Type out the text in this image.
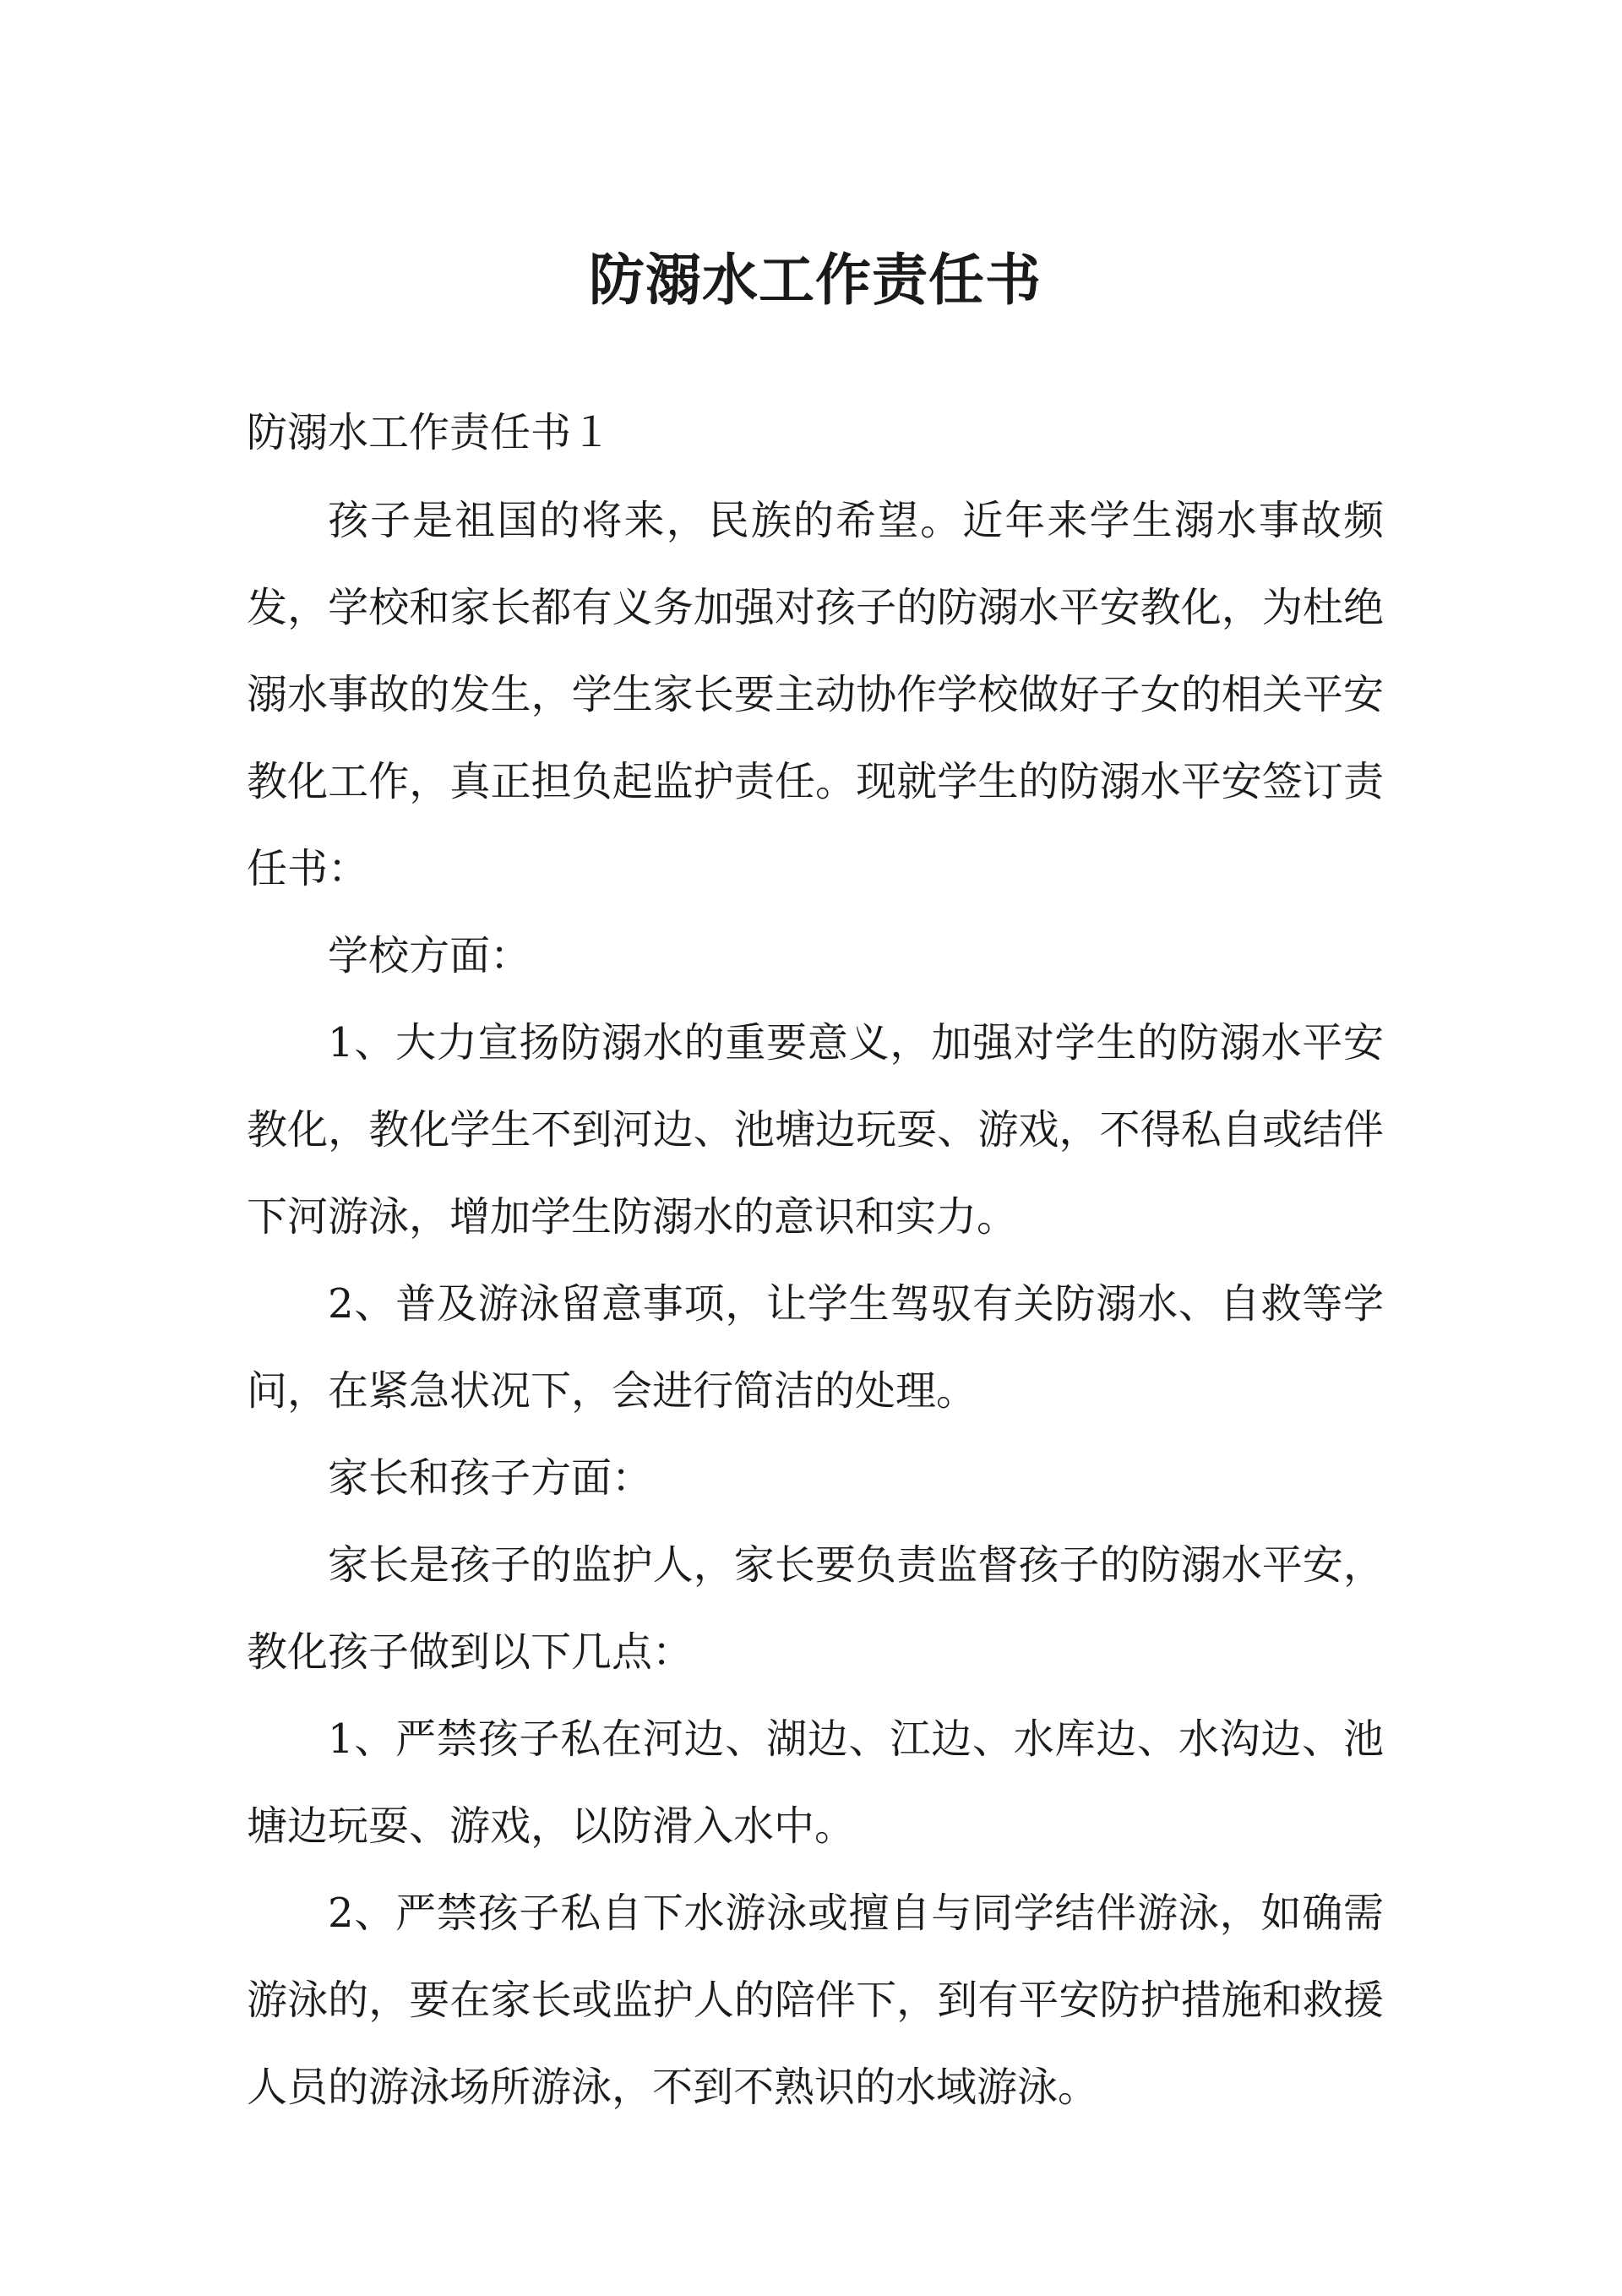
防溺水工作责任书
防溺水工作责任书１

孩子是祖国的将来，民族的希望。近年来学生溺水事故频发，学校和家长都有义务加强对孩子的防溺水平安教化，为杜绝溺水事故的发生，学生家长要主动协作学校做好子女的相关平安教化工作，真正担负起监护责任。现就学生的防溺水平安签订责任书：

学校方面：

1、大力宣扬防溺水的重要意义，加强对学生的防溺水平安教化，教化学生不到河边、池塘边玩耍、游戏，不得私自或结伴下河游泳，增加学生防溺水的意识和实力。

2、普及游泳留意事项，让学生驾驭有关防溺水、自救等学问，在紧急状况下，会进行简洁的处理。

家长和孩子方面：

家长是孩子的监护人，家长要负责监督孩子的防溺水平安，教化孩子做到以下几点：

1、严禁孩子私在河边、湖边、江边、水库边、水沟边、池塘边玩耍、游戏，以防滑入水中。

2、严禁孩子私自下水游泳或擅自与同学结伴游泳，如确需游泳的，要在家长或监护人的陪伴下，到有平安防护措施和救援人员的游泳场所游泳，不到不熟识的水域游泳。
